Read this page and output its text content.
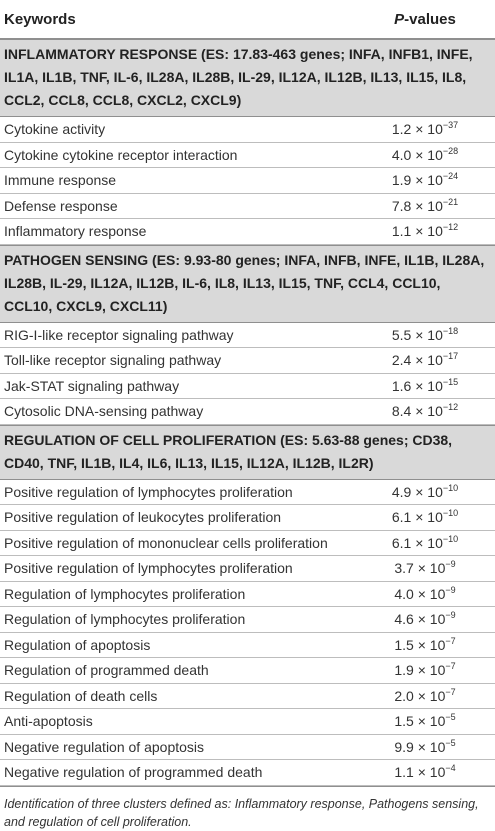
Keywords	P-values
INFLAMMATORY RESPONSE (ES: 17.83-463 genes; INFA, INFB1, INFE, IL1A, IL1B, TNF, IL-6, IL28A, IL28B, IL-29, IL12A, IL12B, IL13, IL15, IL8, CCL2, CCL8, CCL8, CXCL2, CXCL9)
Cytokine activity	$1.2 \times 10^{-37}$
Cytokine cytokine receptor interaction	$4.0 \times 10^{-28}$
Immune response	$1.9 \times 10^{-24}$
Defense response	$7.8 \times 10^{-21}$
Inflammatory response	$1.1 \times 10^{-12}$
PATHOGEN SENSING (ES: 9.93-80 genes; INFA, INFB, INFE, IL1B, IL28A, IL28B, IL-29, IL12A, IL12B, IL-6, IL8, IL13, IL15, TNF, CCL4, CCL10, CCL10, CXCL9, CXCL11)
RIG-I-like receptor signaling pathway	$5.5 \times 10^{-18}$
Toll-like receptor signaling pathway	$2.4 \times 10^{-17}$
Jak-STAT signaling pathway	$1.6 \times 10^{-15}$
Cytosolic DNA-sensing pathway	$8.4 \times 10^{-12}$
REGULATION OF CELL PROLIFERATION (ES: 5.63-88 genes; CD38, CD40, TNF, IL1B, IL4, IL6, IL13, IL15, IL12A, IL12B, IL2R)
Positive regulation of lymphocytes proliferation	$4.9 \times 10^{-10}$
Positive regulation of leukocytes proliferation	$6.1 \times 10^{-10}$
Positive regulation of mononuclear cells proliferation	$6.1 \times 10^{-10}$
Positive regulation of lymphocytes proliferation	$3.7 \times 10^{-9}$
Regulation of lymphocytes proliferation	$4.0 \times 10^{-9}$
Regulation of lymphocytes proliferation	$4.6 \times 10^{-9}$
Regulation of apoptosis	$1.5 \times 10^{-7}$
Regulation of programmed death	$1.9 \times 10^{-7}$
Regulation of death cells	$2.0 \times 10^{-7}$
Anti-apoptosis	$1.5 \times 10^{-5}$
Negative regulation of apoptosis	$9.9 \times 10^{-5}$
Negative regulation of programmed death	$1.1 \times 10^{-4}$
Identification of three clusters defined as: Inflammatory response, Pathogens sensing, and regulation of cell proliferation.
